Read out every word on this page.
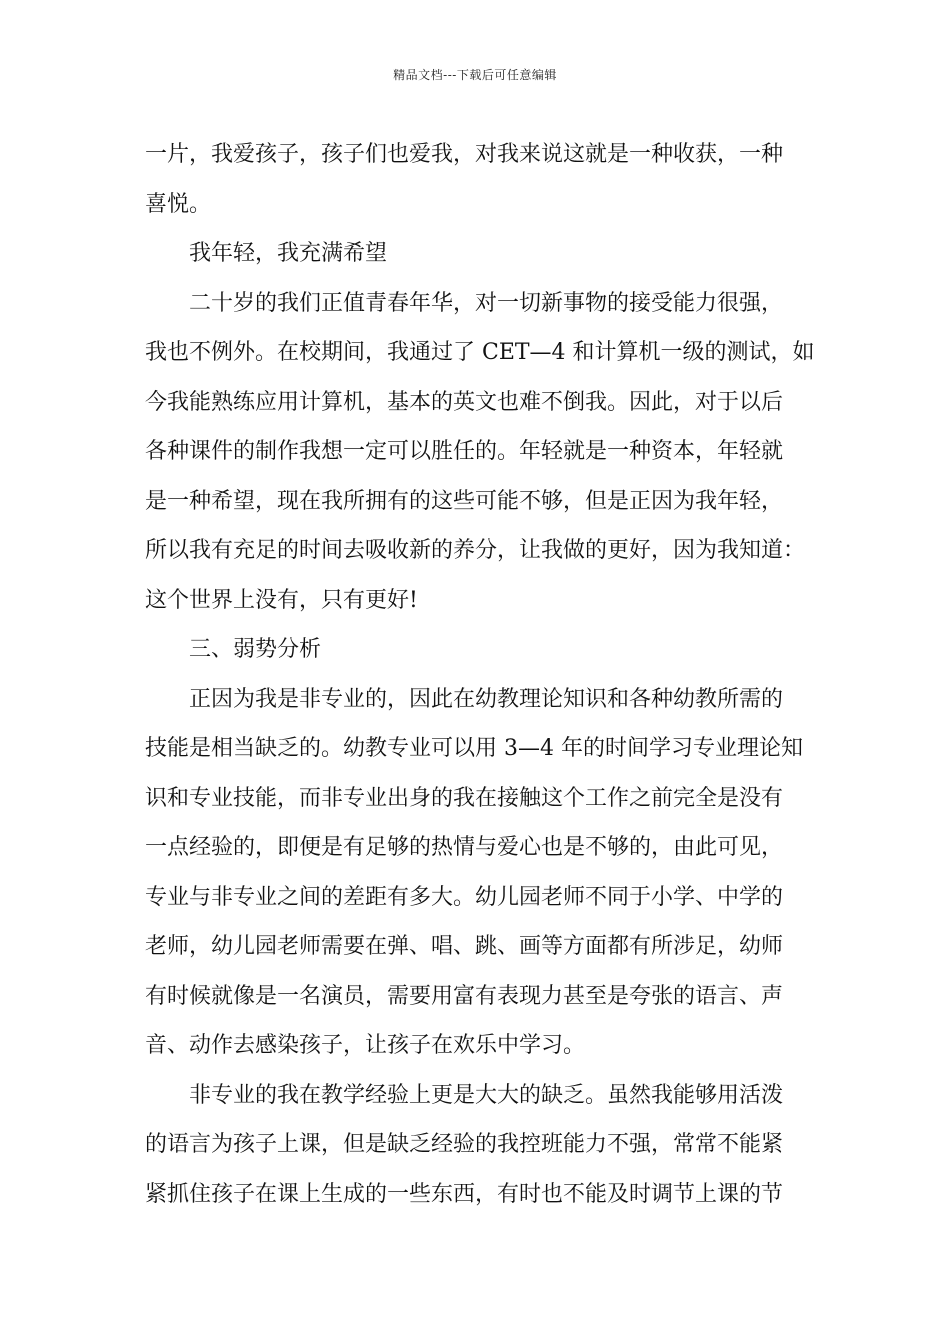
精品文档---下载后可任意编辑
一片，我爱孩子，孩子们也爱我，对我来说这就是一种收获，一种
喜悦。
我年轻，我充满希望
二十岁的我们正值青春年华，对一切新事物的接受能力很强，
我也不例外。在校期间，我通过了 CET—4 和计算机一级的测试，如
今我能熟练应用计算机，基本的英文也难不倒我。因此，对于以后
各种课件的制作我想一定可以胜任的。年轻就是一种资本，年轻就
是一种希望，现在我所拥有的这些可能不够，但是正因为我年轻，
所以我有充足的时间去吸收新的养分，让我做的更好，因为我知道：
这个世界上没有，只有更好!
三、弱势分析
正因为我是非专业的，因此在幼教理论知识和各种幼教所需的
技能是相当缺乏的。幼教专业可以用 3—4 年的时间学习专业理论知
识和专业技能，而非专业出身的我在接触这个工作之前完全是没有
一点经验的，即便是有足够的热情与爱心也是不够的，由此可见，
专业与非专业之间的差距有多大。幼儿园老师不同于小学、中学的
老师，幼儿园老师需要在弹、唱、跳、画等方面都有所涉足，幼师
有时候就像是一名演员，需要用富有表现力甚至是夸张的语言、声
音、动作去感染孩子，让孩子在欢乐中学习。
非专业的我在教学经验上更是大大的缺乏。虽然我能够用活泼
的语言为孩子上课，但是缺乏经验的我控班能力不强，常常不能紧
紧抓住孩子在课上生成的一些东西，有时也不能及时调节上课的节
